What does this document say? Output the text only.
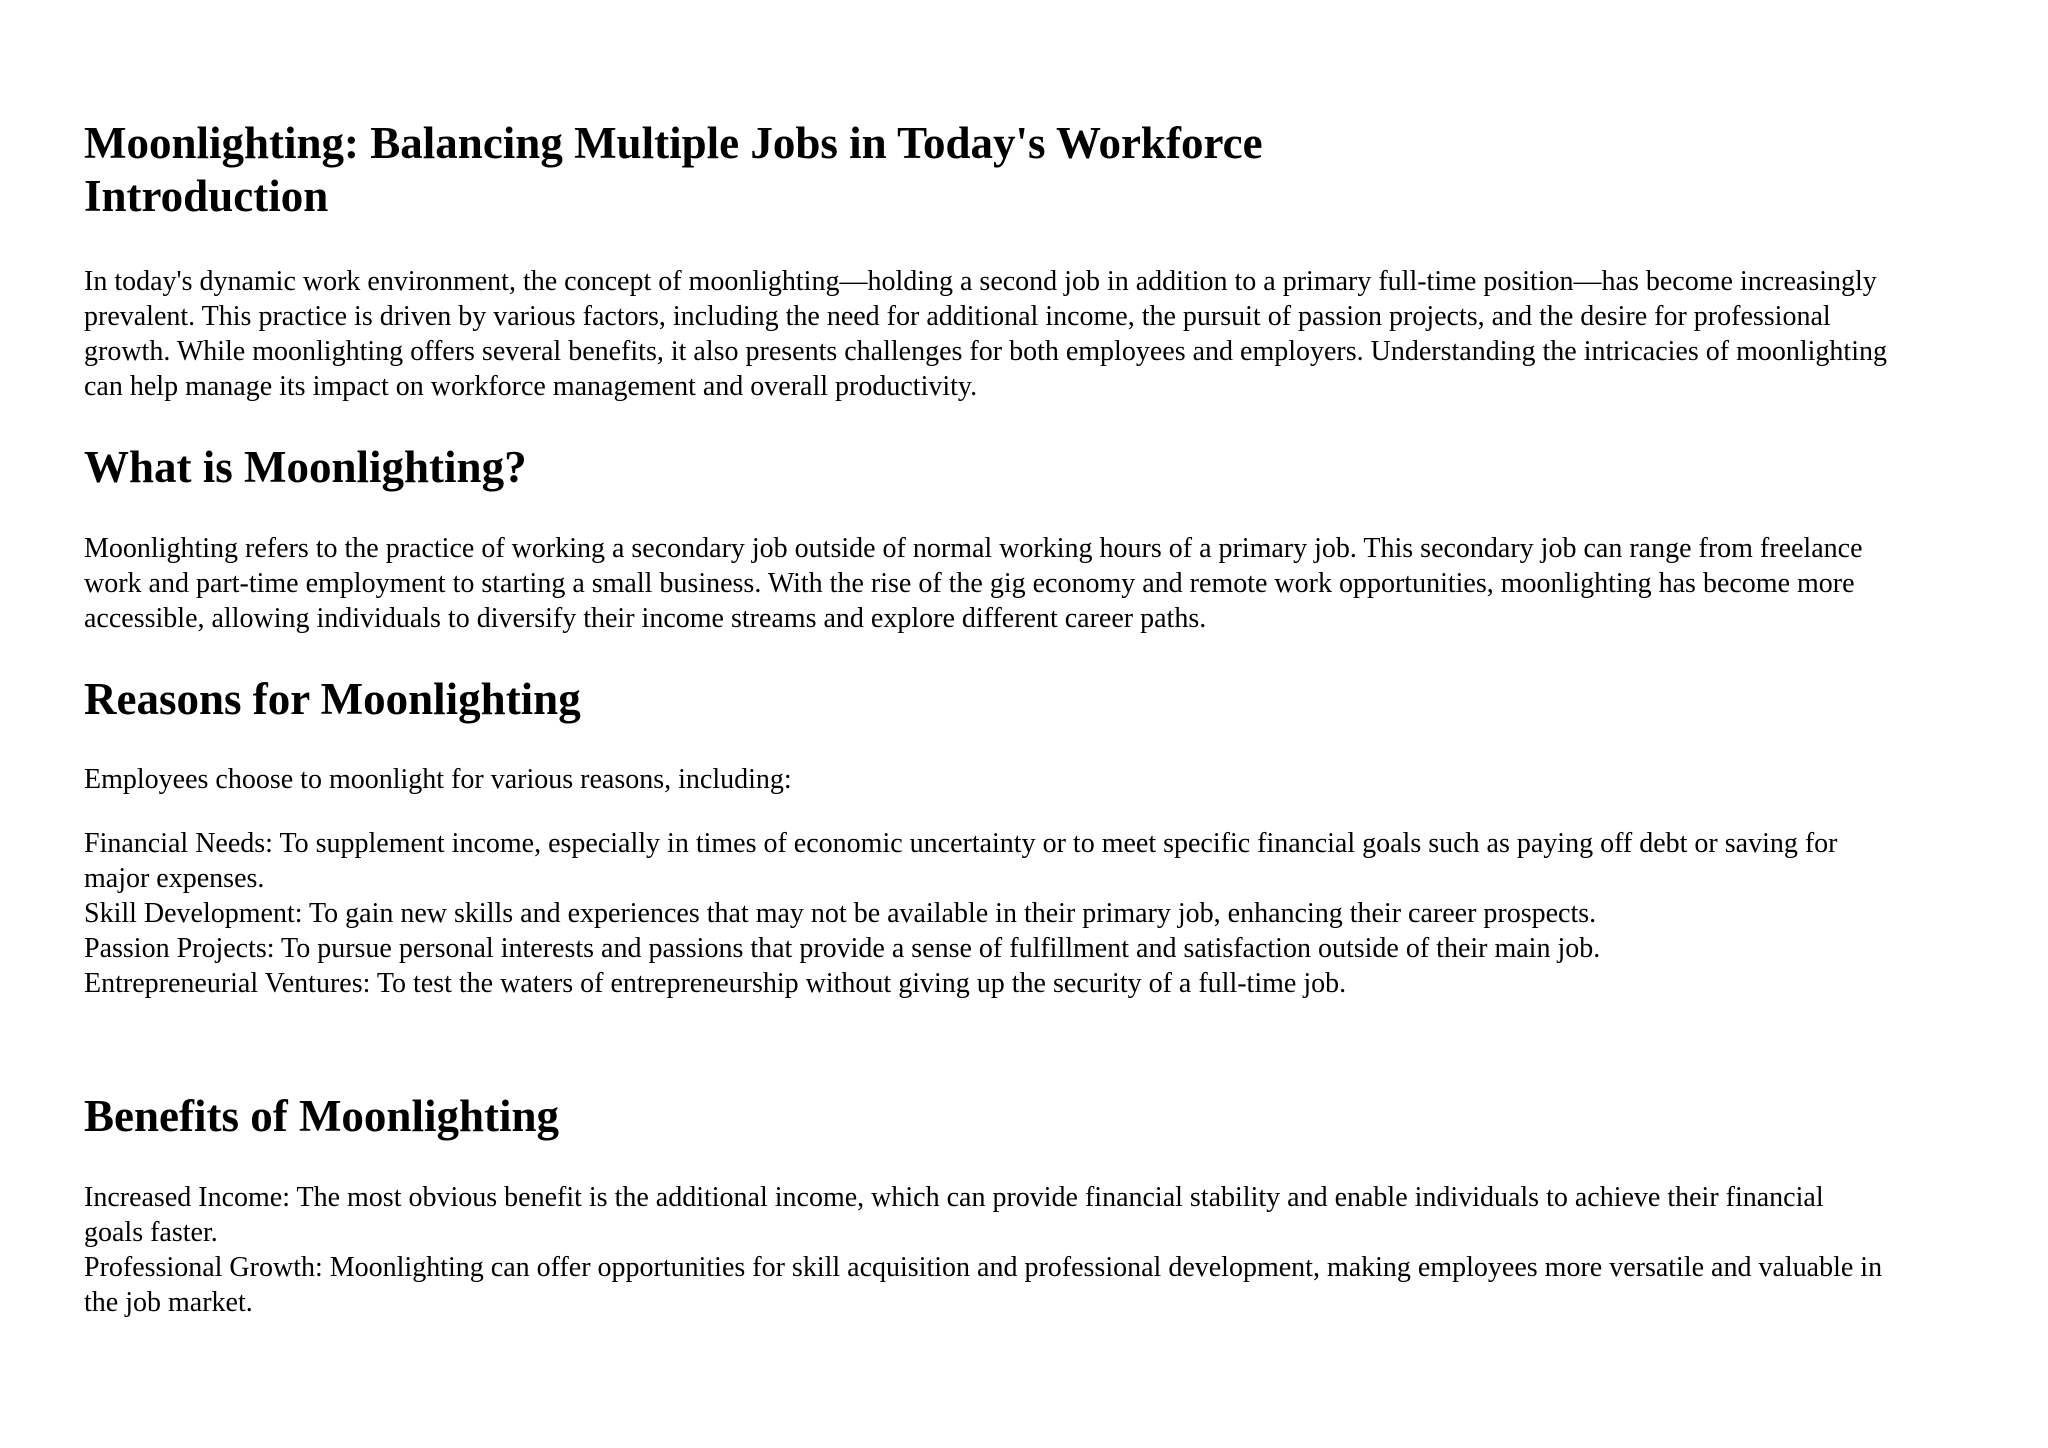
Moonlighting: Balancing Multiple Jobs in Today's Workforce
Introduction

In today's dynamic work environment, the concept of moonlighting—holding a second job in addition to a primary full-time position—has become increasingly
prevalent. This practice is driven by various factors, including the need for additional income, the pursuit of passion projects, and the desire for professional
growth. While moonlighting offers several benefits, it also presents challenges for both employees and employers. Understanding the intricacies of moonlighting
can help manage its impact on workforce management and overall productivity.

What is Moonlighting?

Moonlighting refers to the practice of working a secondary job outside of normal working hours of a primary job. This secondary job can range from freelance
work and part-time employment to starting a small business. With the rise of the gig economy and remote work opportunities, moonlighting has become more
accessible, allowing individuals to diversify their income streams and explore different career paths.

Reasons for Moonlighting

Employees choose to moonlight for various reasons, including:

Financial Needs: To supplement income, especially in times of economic uncertainty or to meet specific financial goals such as paying off debt or saving for
major expenses.
Skill Development: To gain new skills and experiences that may not be available in their primary job, enhancing their career prospects.
Passion Projects: To pursue personal interests and passions that provide a sense of fulfillment and satisfaction outside of their main job.
Entrepreneurial Ventures: To test the waters of entrepreneurship without giving up the security of a full-time job.
Benefits of Moonlighting
Increased Income: The most obvious benefit is the additional income, which can provide financial stability and enable individuals to achieve their financial
goals faster.
Professional Growth: Moonlighting can offer opportunities for skill acquisition and professional development, making employees more versatile and valuable in
the job market.
